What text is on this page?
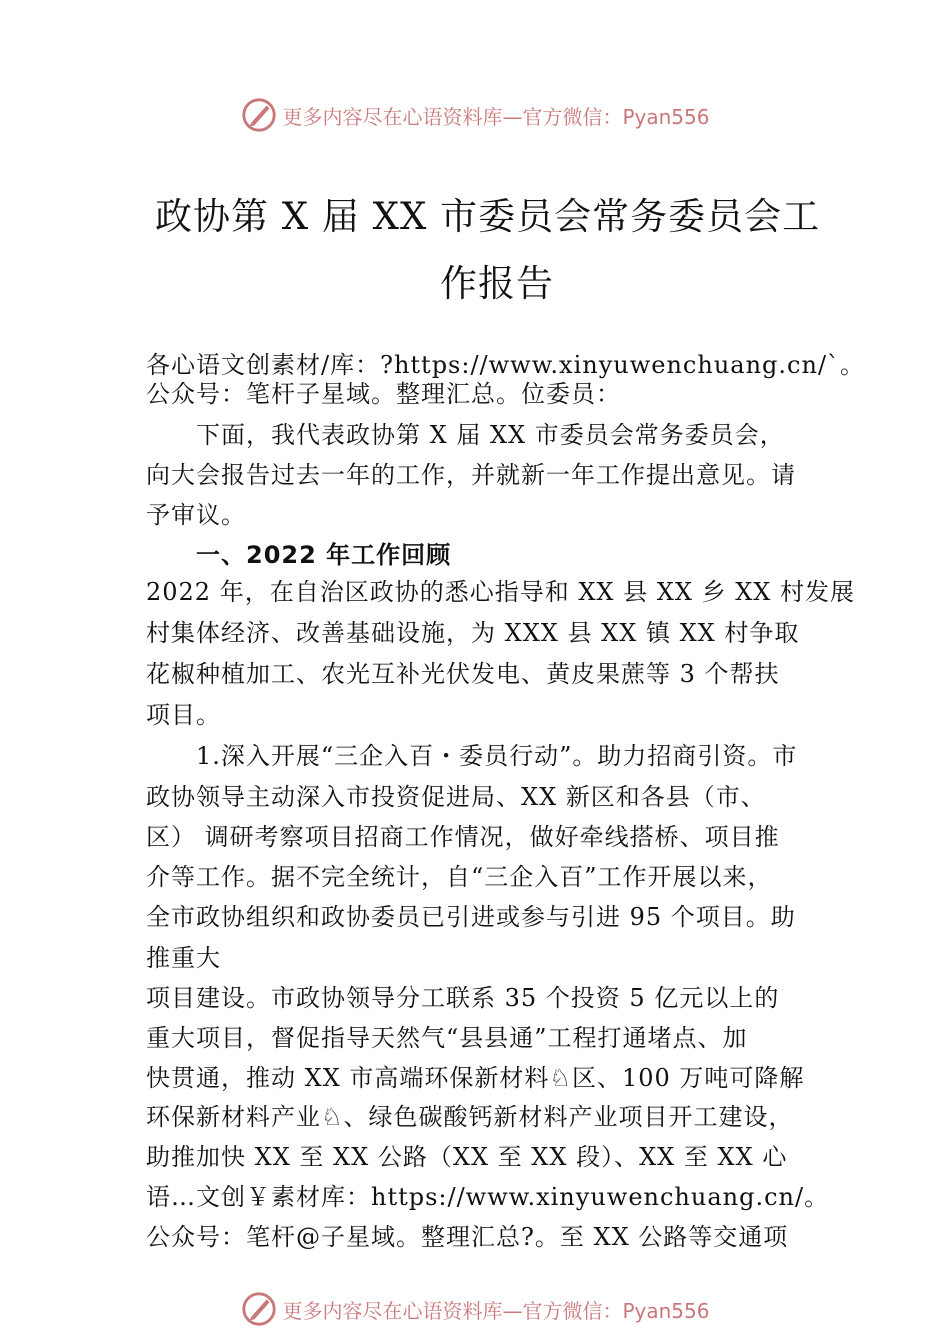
更多内容尽在心语资料库—官方微信：Pyan556
政协第 X 届 XX 市委员会常务委员会工
作报告
各心语文创素材/库：?https://www.xinyuwenchuang.cn/`。
公众号：笔杆子星域。整理汇总。位委员：
　　下面，我代表政协第 X 届 XX 市委员会常务委员会，
向大会报告过去一年的工作，并就新一年工作提出意见。请
予审议。
　　一、2022 年工作回顾
2022 年，在自治区政协的悉心指导和 XX 县 XX 乡 XX 村发展
村集体经济、改善基础设施，为 XXX 县 XX 镇 XX 村争取
花椒种植加工、农光互补光伏发电、黄皮果蔗等 3 个帮扶
项目。
　　1.深入开展“三企入百・委员行动”。助力招商引资。市
政协领导主动深入市投资促进局、XX 新区和各县（市、
区） 调研考察项目招商工作情况，做好牵线搭桥、项目推
介等工作。据不完全统计，自“三企入百”工作开展以来，
全市政协组织和政协委员已引进或参与引进 95 个项目。助
推重大
项目建设。市政协领导分工联系 35 个投资 5 亿元以上的
重大项目，督促指导天然气“县县通”工程打通堵点、加
快贯通，推动 XX 市高端环保新材料♘区、100 万吨可降解
环保新材料产业♘、绿色碳酸钙新材料产业项目开工建设，
助推加快 XX 至 XX 公路（XX 至 XX 段）、XX 至 XX 心
语…文创￥素材库：https://www.xinyuwenchuang.cn/。
公众号：笔杆@子星域。整理汇总?。至 XX 公路等交通项
更多内容尽在心语资料库—官方微信：Pyan556
